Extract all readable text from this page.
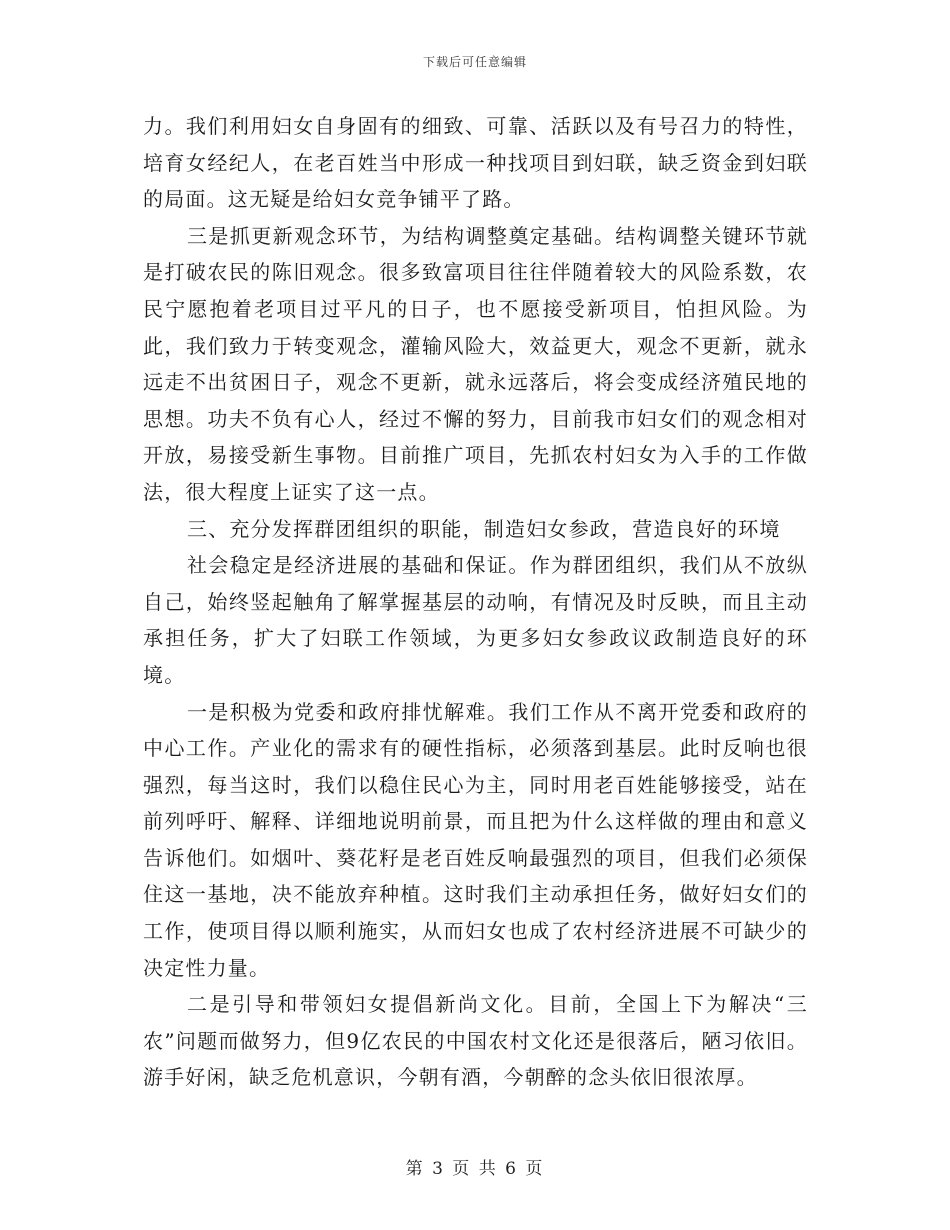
下载后可任意编辑

力。我们利用妇女自身固有的细致、可靠、活跃以及有号召力的特性，培育女经纪人，在老百姓当中形成一种找项目到妇联，缺乏资金到妇联的局面。这无疑是给妇女竞争铺平了路。

三是抓更新观念环节，为结构调整奠定基础。结构调整关键环节就是打破农民的陈旧观念。很多致富项目往往伴随着较大的风险系数，农民宁愿抱着老项目过平凡的日子，也不愿接受新项目，怕担风险。为此，我们致力于转变观念，灌输风险大，效益更大，观念不更新，就永远走不出贫困日子，观念不更新，就永远落后，将会变成经济殖民地的思想。功夫不负有心人，经过不懈的努力，目前我市妇女们的观念相对开放，易接受新生事物。目前推广项目，先抓农村妇女为入手的工作做法，很大程度上证实了这一点。

三、充分发挥群团组织的职能，制造妇女参政，营造良好的环境

社会稳定是经济进展的基础和保证。作为群团组织，我们从不放纵自己，始终竖起触角了解掌握基层的动响，有情况及时反映，而且主动承担任务，扩大了妇联工作领域，为更多妇女参政议政制造良好的环境。

一是积极为党委和政府排忧解难。我们工作从不离开党委和政府的中心工作。产业化的需求有的硬性指标，必须落到基层。此时反响也很强烈，每当这时，我们以稳住民心为主，同时用老百姓能够接受，站在前列呼吁、解释、详细地说明前景，而且把为什么这样做的理由和意义告诉他们。如烟叶、葵花籽是老百姓反响最强烈的项目，但我们必须保住这一基地，决不能放弃种植。这时我们主动承担任务，做好妇女们的工作，使项目得以顺利施实，从而妇女也成了农村经济进展不可缺少的决定性力量。

二是引导和带领妇女提倡新尚文化。目前，全国上下为解决“三农”问题而做努力，但9亿农民的中国农村文化还是很落后，陋习依旧。游手好闲，缺乏危机意识，今朝有酒，今朝醉的念头依旧很浓厚。

第 3 页 共 6 页
